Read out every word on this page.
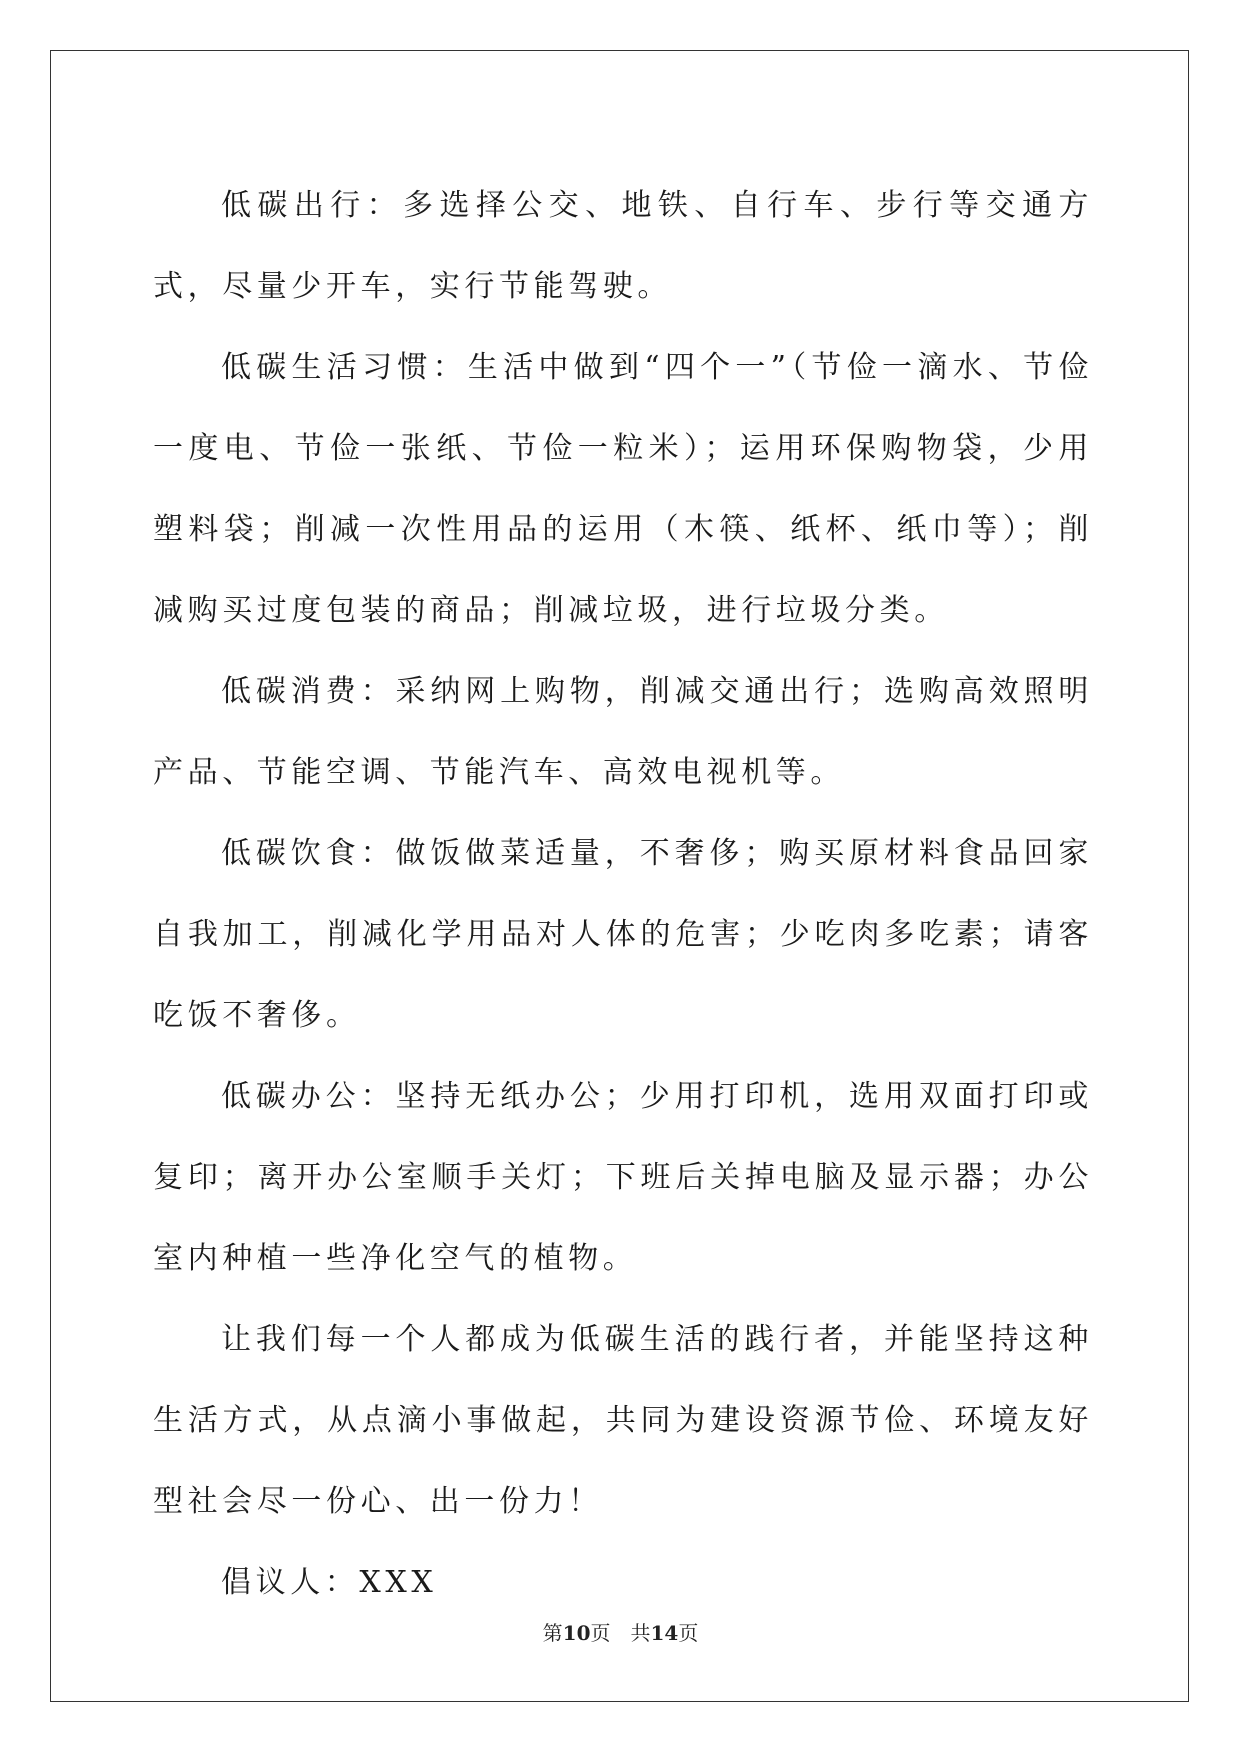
低碳出行：多选择公交、地铁、自行车、步行等交通方式，尽量少开车，实行节能驾驶。

低碳生活习惯：生活中做到“四个一”（节俭一滴水、节俭一度电、节俭一张纸、节俭一粒米）；运用环保购物袋，少用塑料袋；削减一次性用品的运用（木筷、纸杯、纸巾等）；削减购买过度包装的商品；削减垃圾，进行垃圾分类。

低碳消费：采纳网上购物，削减交通出行；选购高效照明产品、节能空调、节能汽车、高效电视机等。

低碳饮食：做饭做菜适量，不奢侈；购买原材料食品回家自我加工，削减化学用品对人体的危害；少吃肉多吃素；请客吃饭不奢侈。

低碳办公：坚持无纸办公；少用打印机，选用双面打印或复印；离开办公室顺手关灯；下班后关掉电脑及显示器；办公室内种植一些净化空气的植物。

让我们每一个人都成为低碳生活的践行者，并能坚持这种生活方式，从点滴小事做起，共同为建设资源节俭、环境友好型社会尽一份心、出一份力！

倡议人：XXX

第10页 共14页
